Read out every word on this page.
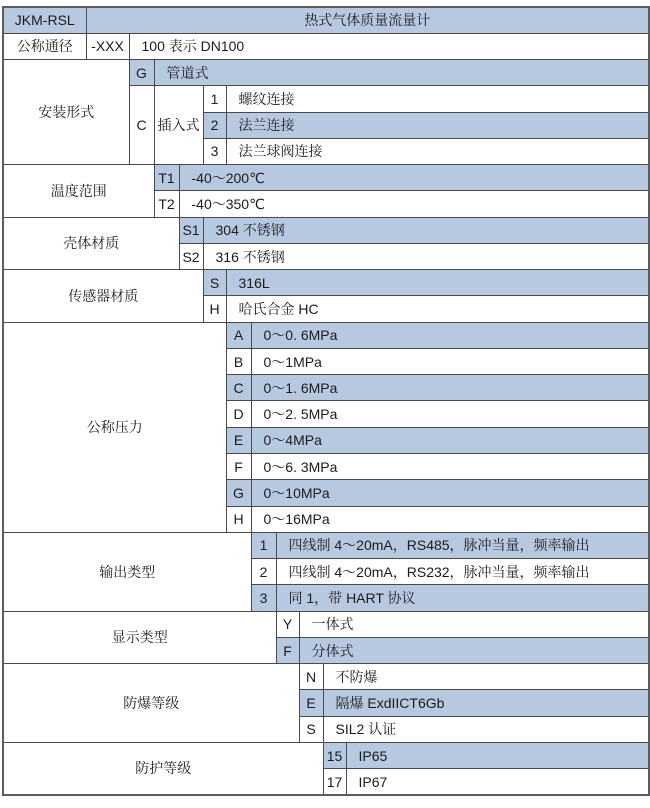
JKM-RSL	热式气体质量流量计										
公称通径	-XXX	100 表示 DN100									
安装形式		G	管道式								
		C	插入式		1	螺纹连接					
					2	法兰连接					
					3	法兰球阀连接					
温度范围			T1	-40～200℃							
			T2	-40～350℃							
壳体材质				S1	304 不锈钢						
				S2	316 不锈钢						
传感器材质					S	316L					
					H	哈氏合金 HC					
公称压力						A	0～0. 6MPa				
						B	0～1MPa				
						C	0～1. 6MPa				
						D	0～2. 5MPa				
						E	0～4MPa				
						F	0～6. 3MPa				
						G	0～10MPa				
						H	0～16MPa				
输出类型							1	四线制 4～20mA，RS485，脉冲当量，频率输出			
							2	四线制 4～20mA，RS232，脉冲当量，频率输出			
							3	同 1，带 HART 协议			
显示类型								Y	一体式		
								F	分体式		
防爆等级									N	不防爆	
									E	隔爆 ExdIICT6Gb	
									S	SIL2 认证	
防护等级										15	IP65
										17	IP67
